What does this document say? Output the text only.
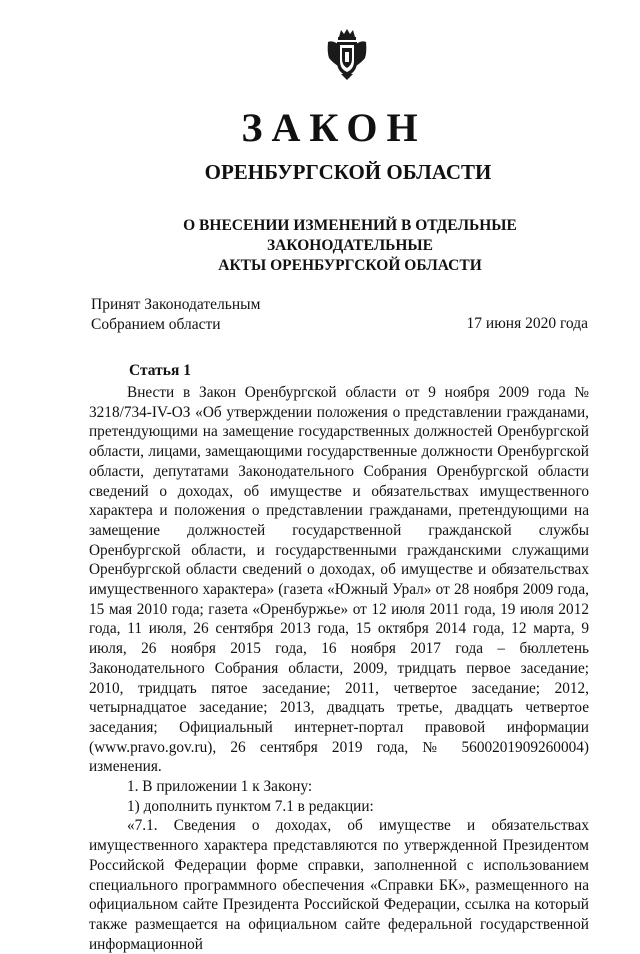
ЗАКОН
ОРЕНБУРГСКОЙ ОБЛАСТИ
О ВНЕСЕНИИ ИЗМЕНЕНИЙ В ОТДЕЛЬНЫЕ ЗАКОНОДАТЕЛЬНЫЕ
АКТЫ ОРЕНБУРГСКОЙ ОБЛАСТИ
Принят Законодательным
Собранием области	17 июня 2020 года
Статья 1

Внести в Закон Оренбургской области от 9 ноября 2009 года № 3218/734-IV-ОЗ «Об утверждении положения о представлении гражданами, претендующими на замещение государственных должностей Оренбургской области, лицами, замещающими государственные должности Оренбургской области, депутатами Законодательного Собрания Оренбургской области сведений о доходах, об имуществе и обязательствах имущественного характера и положения о представлении гражданами, претендующими на замещение должностей государственной гражданской службы Оренбургской области, и государственными гражданскими служащими Оренбургской области сведений о доходах, об имуществе и обязательствах имущественного характера» (газета «Южный Урал» от 28 ноября 2009 года, 15 мая 2010 года; газета «Оренбуржье» от 12 июля 2011 года, 19 июля 2012 года, 11 июля, 26 сентября 2013 года, 15 октября 2014 года, 12 марта, 9 июля, 26 ноября 2015 года, 16 ноября 2017 года – бюллетень Законодательного Собрания области, 2009, тридцать первое заседание; 2010, тридцать пятое заседание; 2011, четвертое заседание; 2012, четырнадцатое заседание; 2013, двадцать третье, двадцать четвертое заседания; Официальный интернет-портал правовой информации (www.pravo.gov.ru), 26 сентября 2019 года, № 5600201909260004) изменения.

1. В приложении 1 к Закону:

1) дополнить пунктом 7.1 в редакции:

«7.1. Сведения о доходах, об имуществе и обязательствах имущественного характера представляются по утвержденной Президентом Российской Федерации форме справки, заполненной с использованием специального программного обеспечения «Справки БК», размещенного на официальном сайте Президента Российской Федерации, ссылка на который также размещается на официальном сайте федеральной государственной информационной
